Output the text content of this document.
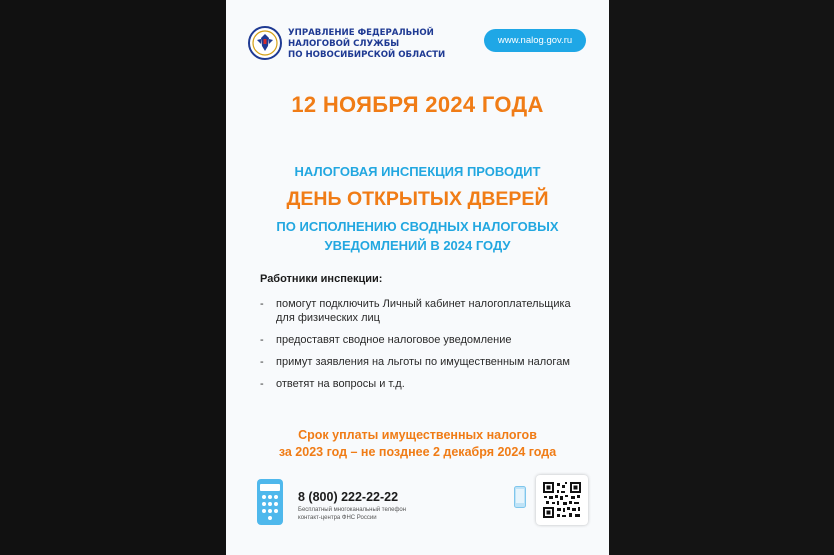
УПРАВЛЕНИЕ ФЕДЕРАЛЬНОЙ
НАЛОГОВОЙ СЛУЖБЫ
ПО НОВОСИБИРСКОЙ ОБЛАСТИ
www.nalog.gov.ru
12 НОЯБРЯ 2024 ГОДА
НАЛОГОВАЯ ИНСПЕКЦИЯ ПРОВОДИТ
ДЕНЬ ОТКРЫТЫХ ДВЕРЕЙ
ПО ИСПОЛНЕНИЮ СВОДНЫХ НАЛОГОВЫХ
УВЕДОМЛЕНИЙ В 2024 ГОДУ
Работники инспекции:
- помогут подключить Личный кабинет налогоплательщика для физических лиц
- предоставят сводное налоговое уведомление
- примут заявления на льготы по имущественным налогам
- ответят на вопросы и т.д.
Срок уплаты имущественных налогов
за 2023 год – не позднее 2 декабря 2024 года
8 (800) 222-22-22
Бесплатный многоканальный телефон
контакт-центра ФНС России
